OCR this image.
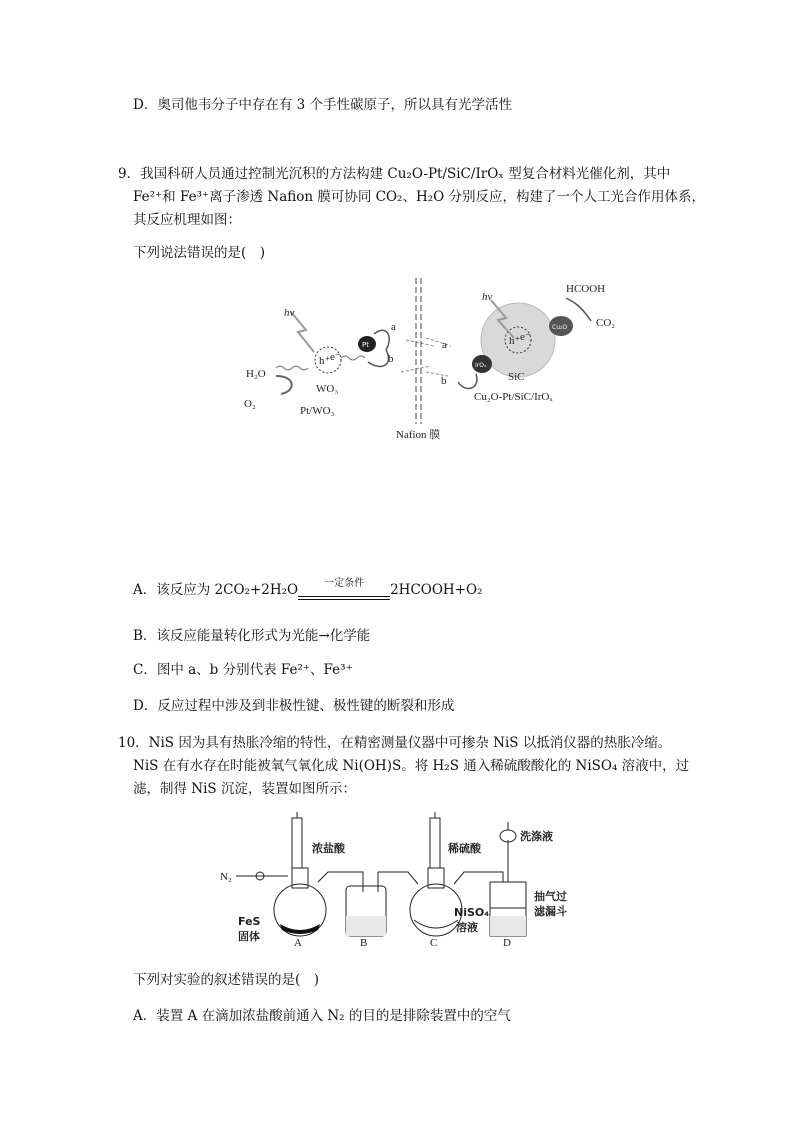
D．奥司他韦分子中存在有 3 个手性碳原子，所以具有光学活性
9．我国科研人员通过控制光沉积的方法构建 Cu₂O-Pt/SiC/IrOₓ 型复合材料光催化剂，其中
Fe²⁺和 Fe³⁺离子渗透 Nafion 膜可协同 CO₂、H₂O 分别反应，构建了一个人工光合作用体系，
其反应机理如图：
下列说法错误的是(　)
hv
h⁺ e⁻
Pt
H₂O
O₂
WO₃
Pt/WO₃
a
b
Nafion 膜
a
b
h⁺ e⁻
hv
IrOₓ
Cu₂O
HCOOH
CO₂
SiC
Cu₂O-Pt/SiC/IrOₓ
A．该反应为 2CO₂+2H₂O	一定条件	2HCOOH+O₂
B．该反应能量转化形式为光能→化学能
C．图中 a、b 分别代表 Fe²⁺、Fe³⁺
D．反应过程中涉及到非极性键、极性键的断裂和形成
10．NiS 因为具有热胀冷缩的特性，在精密测量仪器中可掺杂 NiS 以抵消仪器的热胀冷缩。
NiS 在有水存在时能被氧气氧化成 Ni(OH)S。将 H₂S 通入稀硫酸酸化的 NiSO₄ 溶液中，过
滤，制得 NiS 沉淀，装置如图所示：
N₂
浓盐酸
FeS
固体	A	B
稀硫酸
NiSO₄
溶液
C
洗涤液
抽气过
滤漏斗
D
下列对实验的叙述错误的是(　)
A．装置 A 在滴加浓盐酸前通入 N₂ 的目的是排除装置中的空气
